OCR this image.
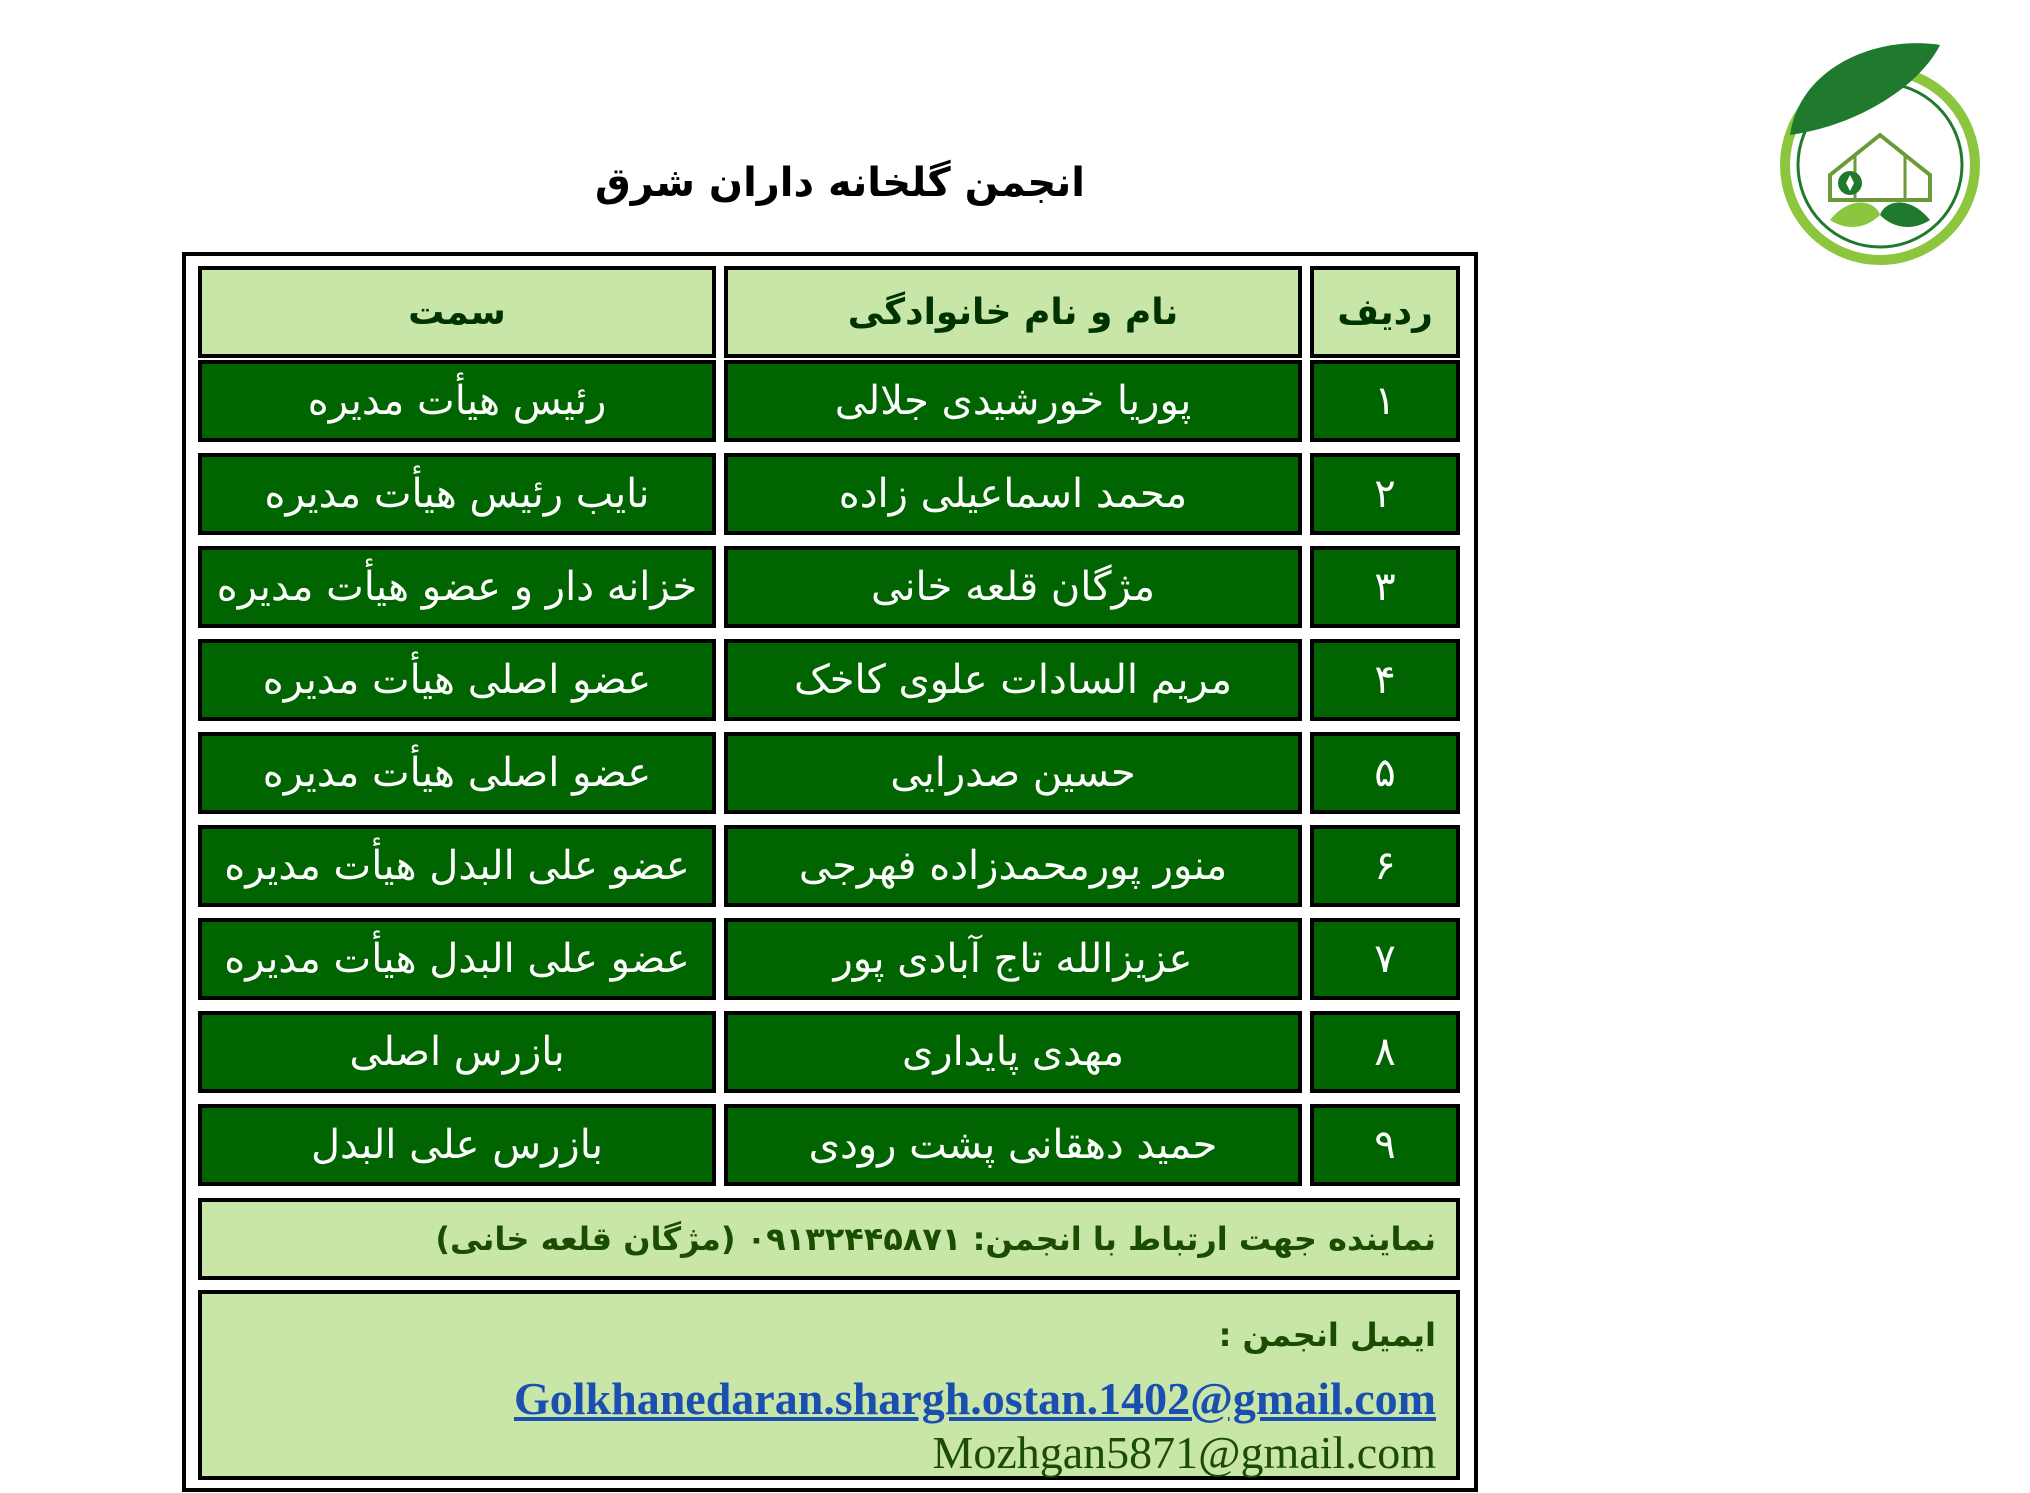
انجمن گلخانه داران شرق
ردیف
نام و نام خانوادگی
سمت
۱
پوریا خورشیدی جلالی
رئیس هیأت مدیره
۲
محمد اسماعیلی زاده
نایب رئیس هیأت مدیره
۳
مژگان قلعه خانی
خزانه دار و عضو هیأت مدیره
۴
مریم السادات علوی کاخک
عضو اصلی هیأت مدیره
۵
حسین صدرایی
عضو اصلی هیأت مدیره
۶
منور پورمحمدزاده فهرجی
عضو علی البدل هیأت مدیره
۷
عزیزالله تاج آبادی پور
عضو علی البدل هیأت مدیره
۸
مهدی پایداری
بازرس اصلی
۹
حمید دهقانی پشت رودی
بازرس علی البدل
نماینده جهت ارتباط با انجمن: ۰۹۱۳۲۴۴۵۸۷۱ (مژگان قلعه خانی)
ایمیل انجمن :
Golkhanedaran.shargh.ostan.1402@gmail.com
Mozhgan5871@gmail.com
